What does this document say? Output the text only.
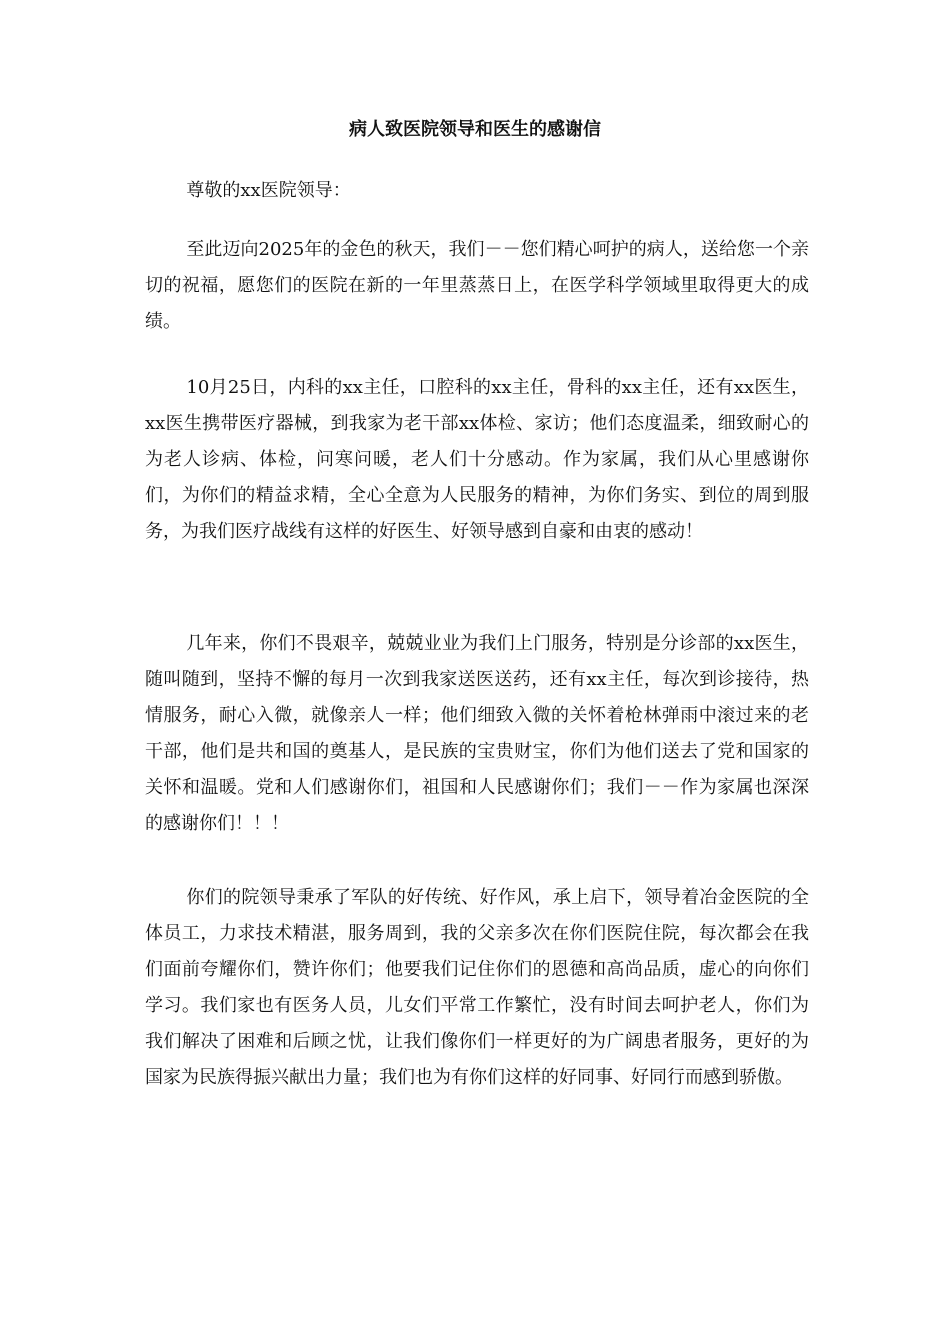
病人致医院领导和医生的感谢信

尊敬的xx医院领导：

至此迈向2025年的金色的秋天，我们－－您们精心呵护的病人，送给您一个亲切的祝福，愿您们的医院在新的一年里蒸蒸日上，在医学科学领域里取得更大的成绩。

10月25日，内科的xx主任，口腔科的xx主任，骨科的xx主任，还有xx医生，xx医生携带医疗器械，到我家为老干部xx体检、家访；他们态度温柔，细致耐心的为老人诊病、体检，问寒问暖，老人们十分感动。作为家属，我们从心里感谢你们，为你们的精益求精，全心全意为人民服务的精神，为你们务实、到位的周到服务，为我们医疗战线有这样的好医生、好领导感到自豪和由衷的感动！

几年来，你们不畏艰辛，兢兢业业为我们上门服务，特别是分诊部的xx医生，随叫随到，坚持不懈的每月一次到我家送医送药，还有xx主任，每次到诊接待，热情服务，耐心入微，就像亲人一样；他们细致入微的关怀着枪林弹雨中滚过来的老干部，他们是共和国的奠基人，是民族的宝贵财宝，你们为他们送去了党和国家的关怀和温暖。党和人们感谢你们，祖国和人民感谢你们；我们－－作为家属也深深的感谢你们！！！

你们的院领导秉承了军队的好传统、好作风，承上启下，领导着冶金医院的全体员工，力求技术精湛，服务周到，我的父亲多次在你们医院住院，每次都会在我们面前夸耀你们，赞许你们；他要我们记住你们的恩德和高尚品质，虚心的向你们学习。我们家也有医务人员，儿女们平常工作繁忙，没有时间去呵护老人，你们为我们解决了困难和后顾之忧，让我们像你们一样更好的为广阔患者服务，更好的为国家为民族得振兴献出力量；我们也为有你们这样的好同事、好同行而感到骄傲。
